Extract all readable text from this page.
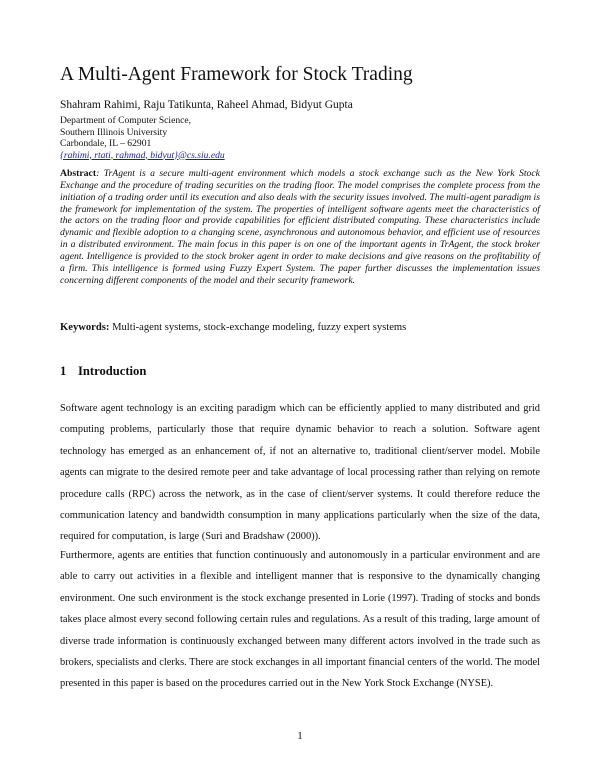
A Multi-Agent Framework for Stock Trading
Shahram Rahimi, Raju Tatikunta, Raheel Ahmad, Bidyut Gupta
Department of Computer Science,
Southern Illinois University
Carbondale, IL – 62901
{rahimi, rtati, rahmad, bidyut}@cs.siu.edu
Abstract: TrAgent is a secure multi-agent environment which models a stock exchange such as the New York Stock Exchange and the procedure of trading securities on the trading floor. The model comprises the complete process from the initiation of a trading order until its execution and also deals with the security issues involved. The multi-agent paradigm is the framework for implementation of the system. The properties of intelligent software agents meet the characteristics of the actors on the trading floor and provide capabilities for efficient distributed computing. These characteristics include dynamic and flexible adoption to a changing scene, asynchronous and autonomous behavior, and efficient use of resources in a distributed environment. The main focus in this paper is on one of the important agents in TrAgent, the stock broker agent. Intelligence is provided to the stock broker agent in order to make decisions and give reasons on the profitability of a firm. This intelligence is formed using Fuzzy Expert System. The paper further discusses the implementation issues concerning different components of the model and their security framework.
Keywords: Multi-agent systems, stock-exchange modeling, fuzzy expert systems
1 Introduction
Software agent technology is an exciting paradigm which can be efficiently applied to many distributed and grid computing problems, particularly those that require dynamic behavior to reach a solution. Software agent technology has emerged as an enhancement of, if not an alternative to, traditional client/server model. Mobile agents can migrate to the desired remote peer and take advantage of local processing rather than relying on remote procedure calls (RPC) across the network, as in the case of client/server systems. It could therefore reduce the communication latency and bandwidth consumption in many applications particularly when the size of the data, required for computation, is large (Suri and Bradshaw (2000)).
Furthermore, agents are entities that function continuously and autonomously in a particular environment and are able to carry out activities in a flexible and intelligent manner that is responsive to the dynamically changing environment. One such environment is the stock exchange presented in Lorie (1997). Trading of stocks and bonds takes place almost every second following certain rules and regulations. As a result of this trading, large amount of diverse trade information is continuously exchanged between many different actors involved in the trade such as brokers, specialists and clerks. There are stock exchanges in all important financial centers of the world. The model presented in this paper is based on the procedures carried out in the New York Stock Exchange (NYSE).
1
